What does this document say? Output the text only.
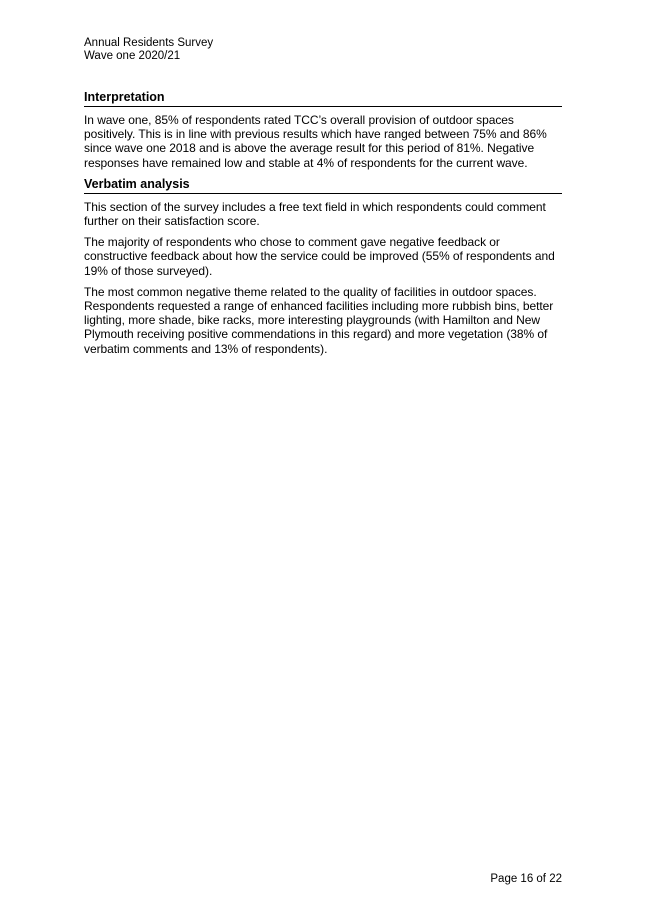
Annual Residents Survey
Wave one 2020/21
Interpretation

In wave one, 85% of respondents rated TCC’s overall provision of outdoor spaces positively. This is in line with previous results which have ranged between 75% and 86% since wave one 2018 and is above the average result for this period of 81%. Negative responses have remained low and stable at 4% of respondents for the current wave.

Verbatim analysis

This section of the survey includes a free text field in which respondents could comment further on their satisfaction score.

The majority of respondents who chose to comment gave negative feedback or constructive feedback about how the service could be improved (55% of respondents and 19% of those surveyed).

The most common negative theme related to the quality of facilities in outdoor spaces. Respondents requested a range of enhanced facilities including more rubbish bins, better lighting, more shade, bike racks, more interesting playgrounds (with Hamilton and New Plymouth receiving positive commendations in this regard) and more vegetation (38% of verbatim comments and 13% of respondents).

Page 16 of 22
